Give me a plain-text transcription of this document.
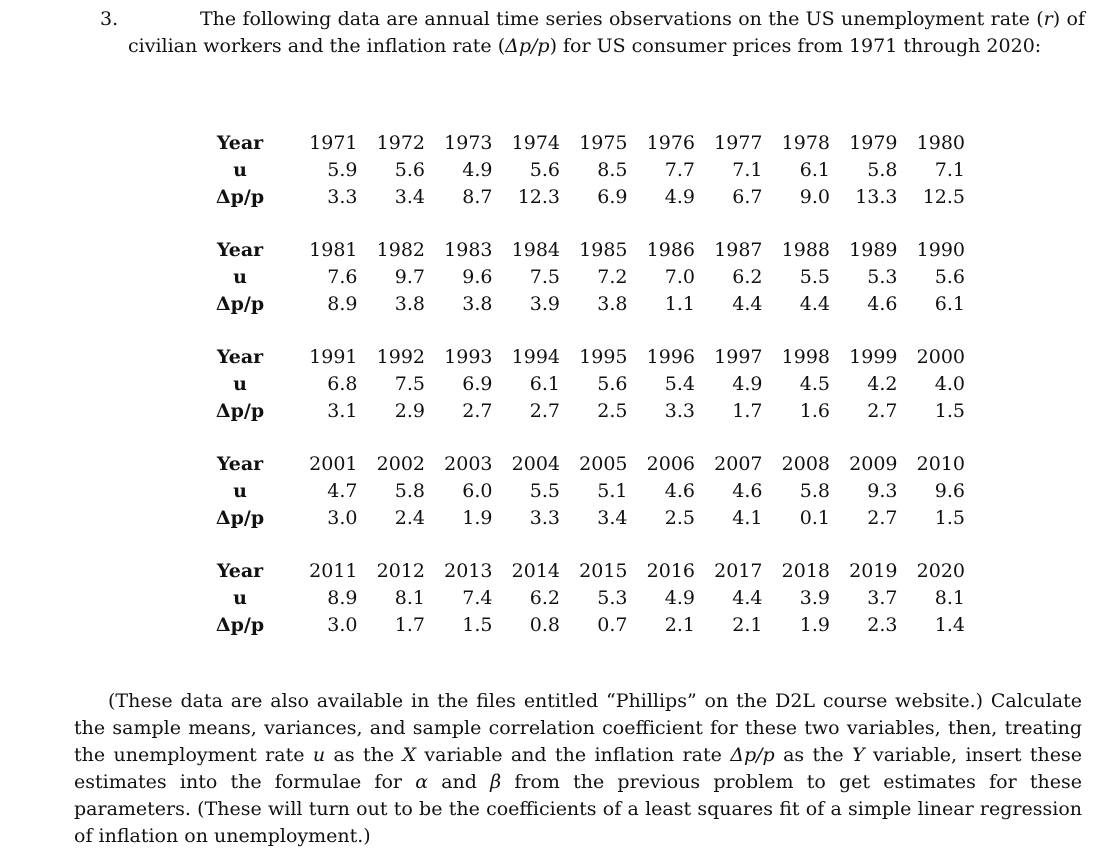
3.	The following data are annual time series observations on the US unemployment rate (r) of civilian workers and the inflation rate (Δp/p) for US consumer prices from 1971 through 2020:

Year	1971	1972	1973	1974	1975	1976	1977	1978	1979	1980
u	5.9	5.6	4.9	5.6	8.5	7.7	7.1	6.1	5.8	7.1
Δp/p	3.3	3.4	8.7	12.3	6.9	4.9	6.7	9.0	13.3	12.5
Year	1981	1982	1983	1984	1985	1986	1987	1988	1989	1990
u	7.6	9.7	9.6	7.5	7.2	7.0	6.2	5.5	5.3	5.6
Δp/p	8.9	3.8	3.8	3.9	3.8	1.1	4.4	4.4	4.6	6.1
Year	1991	1992	1993	1994	1995	1996	1997	1998	1999	2000
u	6.8	7.5	6.9	6.1	5.6	5.4	4.9	4.5	4.2	4.0
Δp/p	3.1	2.9	2.7	2.7	2.5	3.3	1.7	1.6	2.7	1.5
Year	2001	2002	2003	2004	2005	2006	2007	2008	2009	2010
u	4.7	5.8	6.0	5.5	5.1	4.6	4.6	5.8	9.3	9.6
Δp/p	3.0	2.4	1.9	3.3	3.4	2.5	4.1	0.1	2.7	1.5
Year	2011	2012	2013	2014	2015	2016	2017	2018	2019	2020
u	8.9	8.1	7.4	6.2	5.3	4.9	4.4	3.9	3.7	8.1
Δp/p	3.0	1.7	1.5	0.8	0.7	2.1	2.1	1.9	2.3	1.4

(These data are also available in the files entitled “Phillips” on the D2L course website.) Calculate the sample means, variances, and sample correlation coefficient for these two variables, then, treating the unemployment rate u as the X variable and the inflation rate Δp/p as the Y variable, insert these estimates into the formulae for α and β from the previous problem to get estimates for these parameters. (These will turn out to be the coefficients of a least squares fit of a simple linear regression of inflation on unemployment.)
